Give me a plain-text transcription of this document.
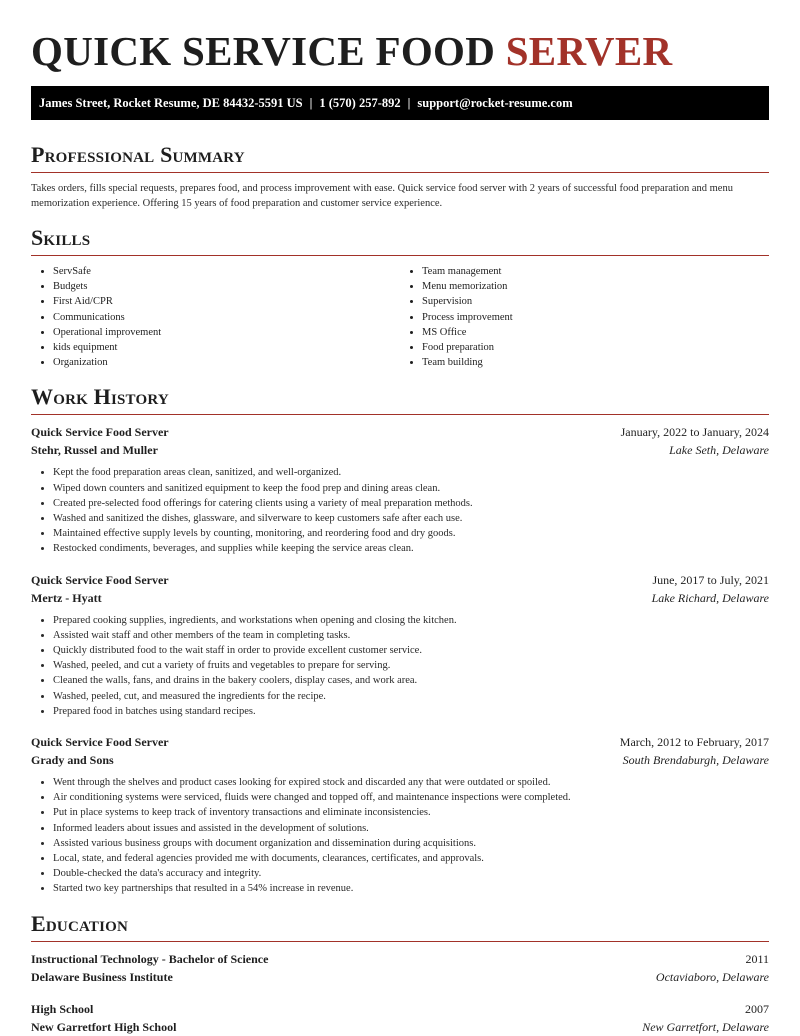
QUICK SERVICE FOOD SERVER
James Street, Rocket Resume, DE 84432-5591 US | 1 (570) 257-892 | support@rocket-resume.com
Professional Summary

Takes orders, fills special requests, prepares food, and process improvement with ease. Quick service food server with 2 years of successful food preparation and menu memorization experience. Offering 15 years of food preparation and customer service experience.

Skills
• ServSafe
• Budgets
• First Aid/CPR
• Communications
• Operational improvement
• kids equipment
• Organization
• Team management
• Menu memorization
• Supervision
• Process improvement
• MS Office
• Food preparation
• Team building
Work History
Quick Service Food Server	January, 2022 to January, 2024
Stehr, Russel and Muller	Lake Seth, Delaware
• Kept the food preparation areas clean, sanitized, and well-organized.
• Wiped down counters and sanitized equipment to keep the food prep and dining areas clean.
• Created pre-selected food offerings for catering clients using a variety of meal preparation methods.
• Washed and sanitized the dishes, glassware, and silverware to keep customers safe after each use.
• Maintained effective supply levels by counting, monitoring, and reordering food and dry goods.
• Restocked condiments, beverages, and supplies while keeping the service areas clean.
Quick Service Food Server	June, 2017 to July, 2021
Mertz - Hyatt	Lake Richard, Delaware
• Prepared cooking supplies, ingredients, and workstations when opening and closing the kitchen.
• Assisted wait staff and other members of the team in completing tasks.
• Quickly distributed food to the wait staff in order to provide excellent customer service.
• Washed, peeled, and cut a variety of fruits and vegetables to prepare for serving.
• Cleaned the walls, fans, and drains in the bakery coolers, display cases, and work area.
• Washed, peeled, cut, and measured the ingredients for the recipe.
• Prepared food in batches using standard recipes.
Quick Service Food Server	March, 2012 to February, 2017
Grady and Sons	South Brendaburgh, Delaware
• Went through the shelves and product cases looking for expired stock and discarded any that were outdated or spoiled.
• Air conditioning systems were serviced, fluids were changed and topped off, and maintenance inspections were completed.
• Put in place systems to keep track of inventory transactions and eliminate inconsistencies.
• Informed leaders about issues and assisted in the development of solutions.
• Assisted various business groups with document organization and dissemination during acquisitions.
• Local, state, and federal agencies provided me with documents, clearances, certificates, and approvals.
• Double-checked the data's accuracy and integrity.
• Started two key partnerships that resulted in a 54% increase in revenue.
Education
Instructional Technology - Bachelor of Science	2011
Delaware Business Institute	Octaviaboro, Delaware
High School	2007
New Garretfort High School	New Garretfort, Delaware
